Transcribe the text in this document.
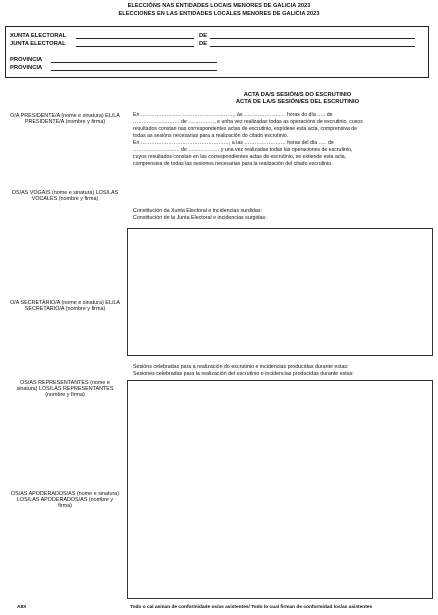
ELECCIÓNS NAS ENTIDADES LOCAIS MENORES DE GALICIA 2023
ELECCIONES EN LAS ENTIDADES LOCALES MENORES DE GALICIA 2023
XUNTA ELECTORAL	DE
JUNTA ELECTORAL	DE
PROVINCIA
PROVINCIA
ACTA DA/S SESIÓN/S DO ESCRUTINIO
ACTA DE LA/S SESIÓN/ES DEL ESCRUTINIO
En ………………………………………………, ás …………………… horas do día ….. de
……………………… de ……………, e unha vez realizadas todas as operacións de escrutinio, cuxos
resultados constan nas correspondentes actas de escrutinio, expídese esta acta, comprensiva de
todas as sesións necesarias para a realización do citado escrutinio.
En ……………………………………………, a las …………………… horas del día ….. de
……………………… de ……………… y una vez realizadas todas las operaciones de escrutinio,
cuyos resultados constan en las correspondientes actas de escrutinio, se extiende esta acta,
comprensiva de todas las sesiones necesarias para la realización del citado escrutinio.
O/A PRESIDENTE/A (nome e sinatura) EL/LA PRESIDENTE/A (nombre y firma)
OS/AS VOGAIS (nome e sinatura) LOS/LAS VOCALES (nombre y firma)
O/A SECRETARIO/A (nome e sinatura) EL/LA SECRETARIO/A (nombre y firma)
OS/AS REPRESENTANTES (nome e sinatura) LOS/LAS REPRESENTANTES (nombre y firma)
OS/AS APODERADOS/AS (nome e sinatura) LOS/LAS APODERADOS/AS (nombre y firma)
Constitución da Xunta Electoral e incidencias xurdidas:
Constitución de la Junta Electoral e incidencias surgidas:
Sesións celebradas para a realización do escrutinio e incidencias producidas durante estas:
Sesiones celebradas para la realización del escrutinio e incidencias producidas durante estas:
A8X	Todo o cal asinan de conformidade os/as asistentes/ Todo lo cual firman de conformidad los/as asistentes
